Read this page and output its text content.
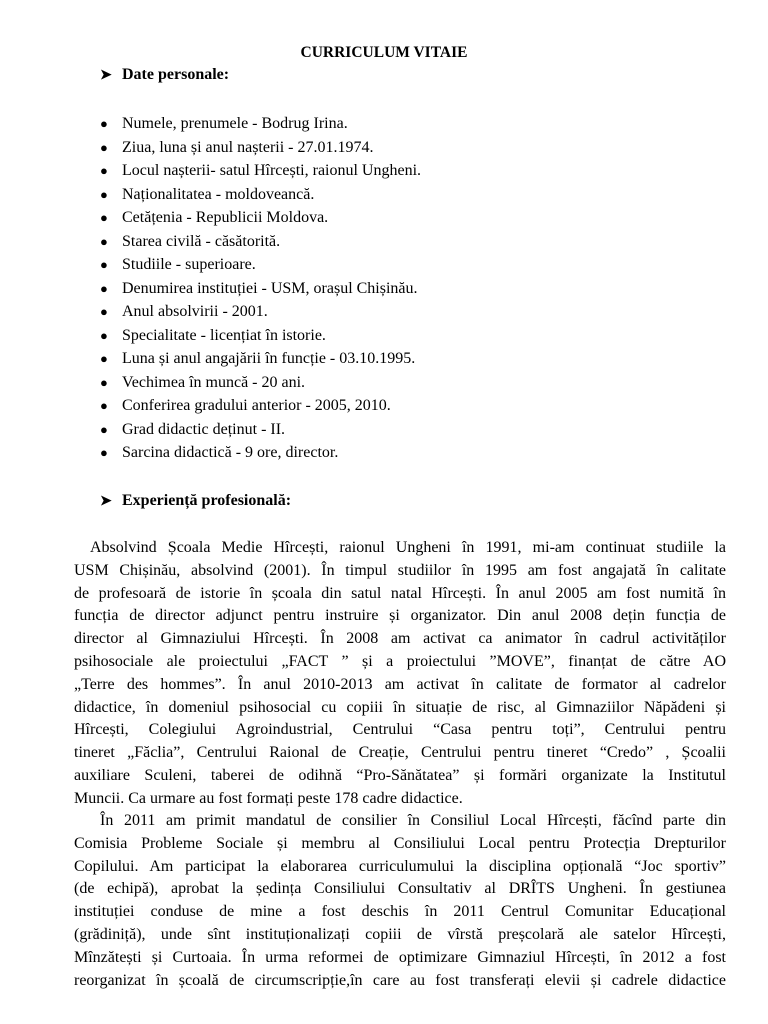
CURRICULUM VITAIE
➤ Date personale:
● Numele, prenumele - Bodrug Irina.
● Ziua, luna și anul nașterii - 27.01.1974.
● Locul nașterii- satul Hîrcești, raionul Ungheni.
● Naționalitatea - moldoveancă.
● Cetățenia - Republicii Moldova.
● Starea civilă - căsătorită.
● Studiile - superioare.
● Denumirea instituției - USM, orașul Chișinău.
● Anul absolvirii - 2001.
● Specialitate - licențiat în istorie.
● Luna și anul angajării în funcție - 03.10.1995.
● Vechimea în muncă - 20 ani.
● Conferirea gradului anterior - 2005, 2010.
● Grad didactic deținut - II.
● Sarcina didactică - 9 ore, director.
➤ Experiență profesională:
Absolvind Școala Medie Hîrcești, raionul Ungheni în 1991, mi-am continuat studiile la
USM Chișinău, absolvind (2001). În timpul studiilor în 1995 am fost angajată în calitate
de profesoară de istorie în școala din satul natal Hîrcești. În anul 2005 am fost numită în
funcția de director adjunct pentru instruire și organizator. Din anul 2008 dețin funcția de
director al Gimnaziului Hîrcești. În 2008 am activat ca animator în cadrul activităților
psihosociale ale proiectului „FACT ” și a proiectului ”MOVE”, finanțat de către AO
„Terre des hommes”. În anul 2010-2013 am activat în calitate de formator al cadrelor
didactice, în domeniul psihosocial cu copiii în situație de risc, al Gimnaziilor Năpădeni și
Hîrcești, Colegiului Agroindustrial, Centrului “Casa pentru toți”, Centrului pentru
tineret „Făclia”, Centrului Raional de Creație, Centrului pentru tineret “Credo” , Școalii
auxiliare Sculeni, taberei de odihnă “Pro-Sănătatea” și formări organizate la Institutul
Muncii. Ca urmare au fost formați peste 178 cadre didactice.
În 2011 am primit mandatul de consilier în Consiliul Local Hîrcești, făcînd parte din
Comisia Probleme Sociale și membru al Consiliului Local pentru Protecția Drepturilor
Copilului. Am participat la elaborarea curriculumului la disciplina opțională “Joc sportiv”
(de echipă), aprobat la ședința Consiliului Consultativ al DRÎTS Ungheni. În gestiunea
instituției conduse de mine a fost deschis în 2011 Centrul Comunitar Educațional
(grădiniță), unde sînt instituționalizați copiii de vîrstă preșcolară ale satelor Hîrcești,
Mînzătești și Curtoaia. În urma reformei de optimizare Gimnaziul Hîrcești, în 2012 a fost
reorganizat în școală de circumscripție,în care au fost transferați elevii și cadrele didactice
